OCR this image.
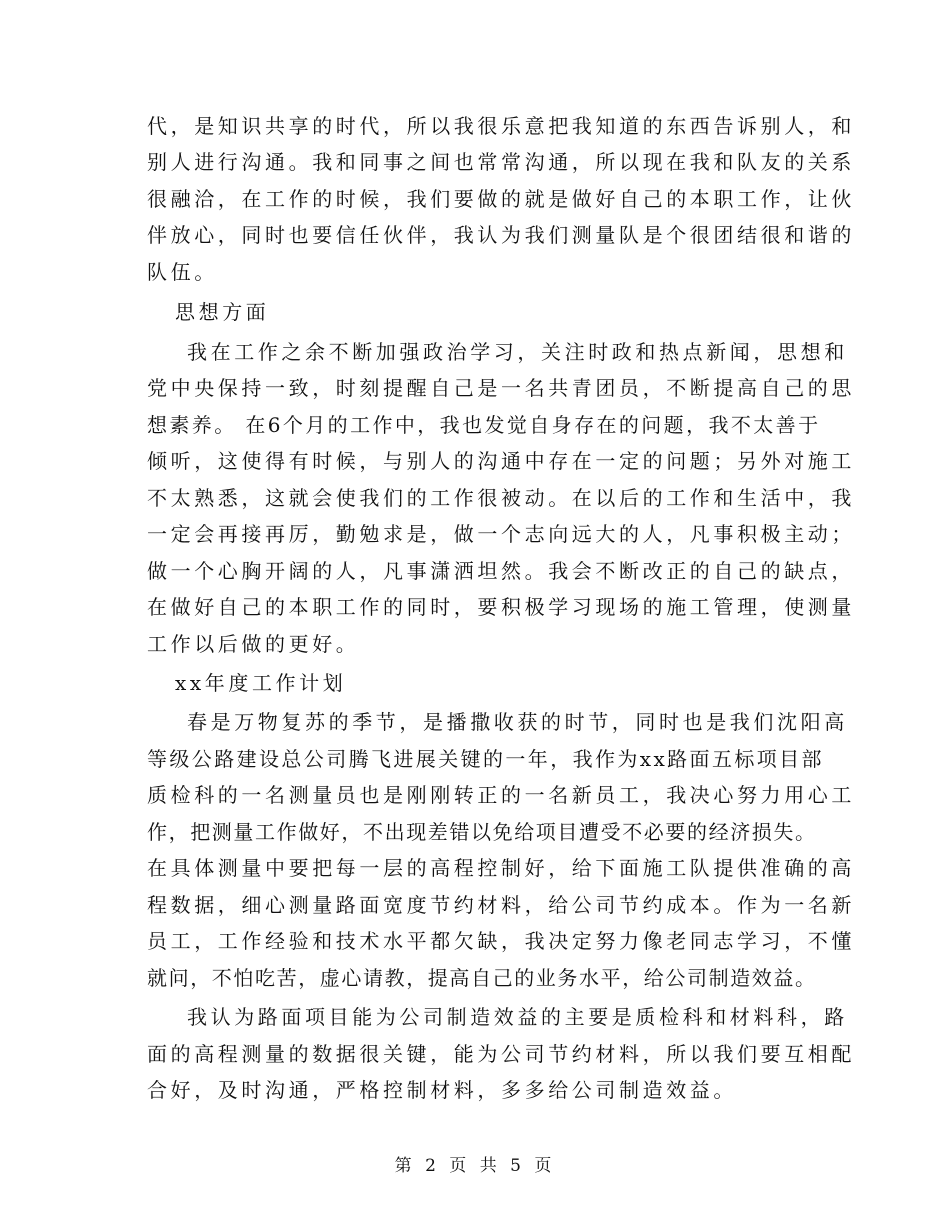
代，是知识共享的时代，所以我很乐意把我知道的东西告诉别人，和
别人进行沟通。我和同事之间也常常沟通，所以现在我和队友的关系
很融洽，在工作的时候，我们要做的就是做好自己的本职工作，让伙
伴放心，同时也要信任伙伴，我认为我们测量队是个很团结很和谐的
队伍。
思想方面
我在工作之余不断加强政治学习，关注时政和热点新闻，思想和
党中央保持一致，时刻提醒自己是一名共青团员，不断提高自己的思
想素养。 在6个月的工作中，我也发觉自身存在的问题，我不太善于
倾听，这使得有时候，与别人的沟通中存在一定的问题；另外对施工
不太熟悉，这就会使我们的工作很被动。在以后的工作和生活中，我
一定会再接再厉，勤勉求是，做一个志向远大的人，凡事积极主动；
做一个心胸开阔的人，凡事潇洒坦然。我会不断改正的自己的缺点，
在做好自己的本职工作的同时，要积极学习现场的施工管理，使测量
工作以后做的更好。
xx年度工作计划
春是万物复苏的季节，是播撒收获的时节，同时也是我们沈阳高
等级公路建设总公司腾飞进展关键的一年，我作为xx路面五标项目部
质检科的一名测量员也是刚刚转正的一名新员工，我决心努力用心工
作，把测量工作做好，不出现差错以免给项目遭受不必要的经济损失。
在具体测量中要把每一层的高程控制好，给下面施工队提供准确的高
程数据，细心测量路面宽度节约材料，给公司节约成本。作为一名新
员工，工作经验和技术水平都欠缺，我决定努力像老同志学习，不懂
就问，不怕吃苦，虚心请教，提高自己的业务水平，给公司制造效益。
我认为路面项目能为公司制造效益的主要是质检科和材料科，路
面的高程测量的数据很关键，能为公司节约材料，所以我们要互相配
合好，及时沟通，严格控制材料，多多给公司制造效益。
第 2 页 共 5 页
